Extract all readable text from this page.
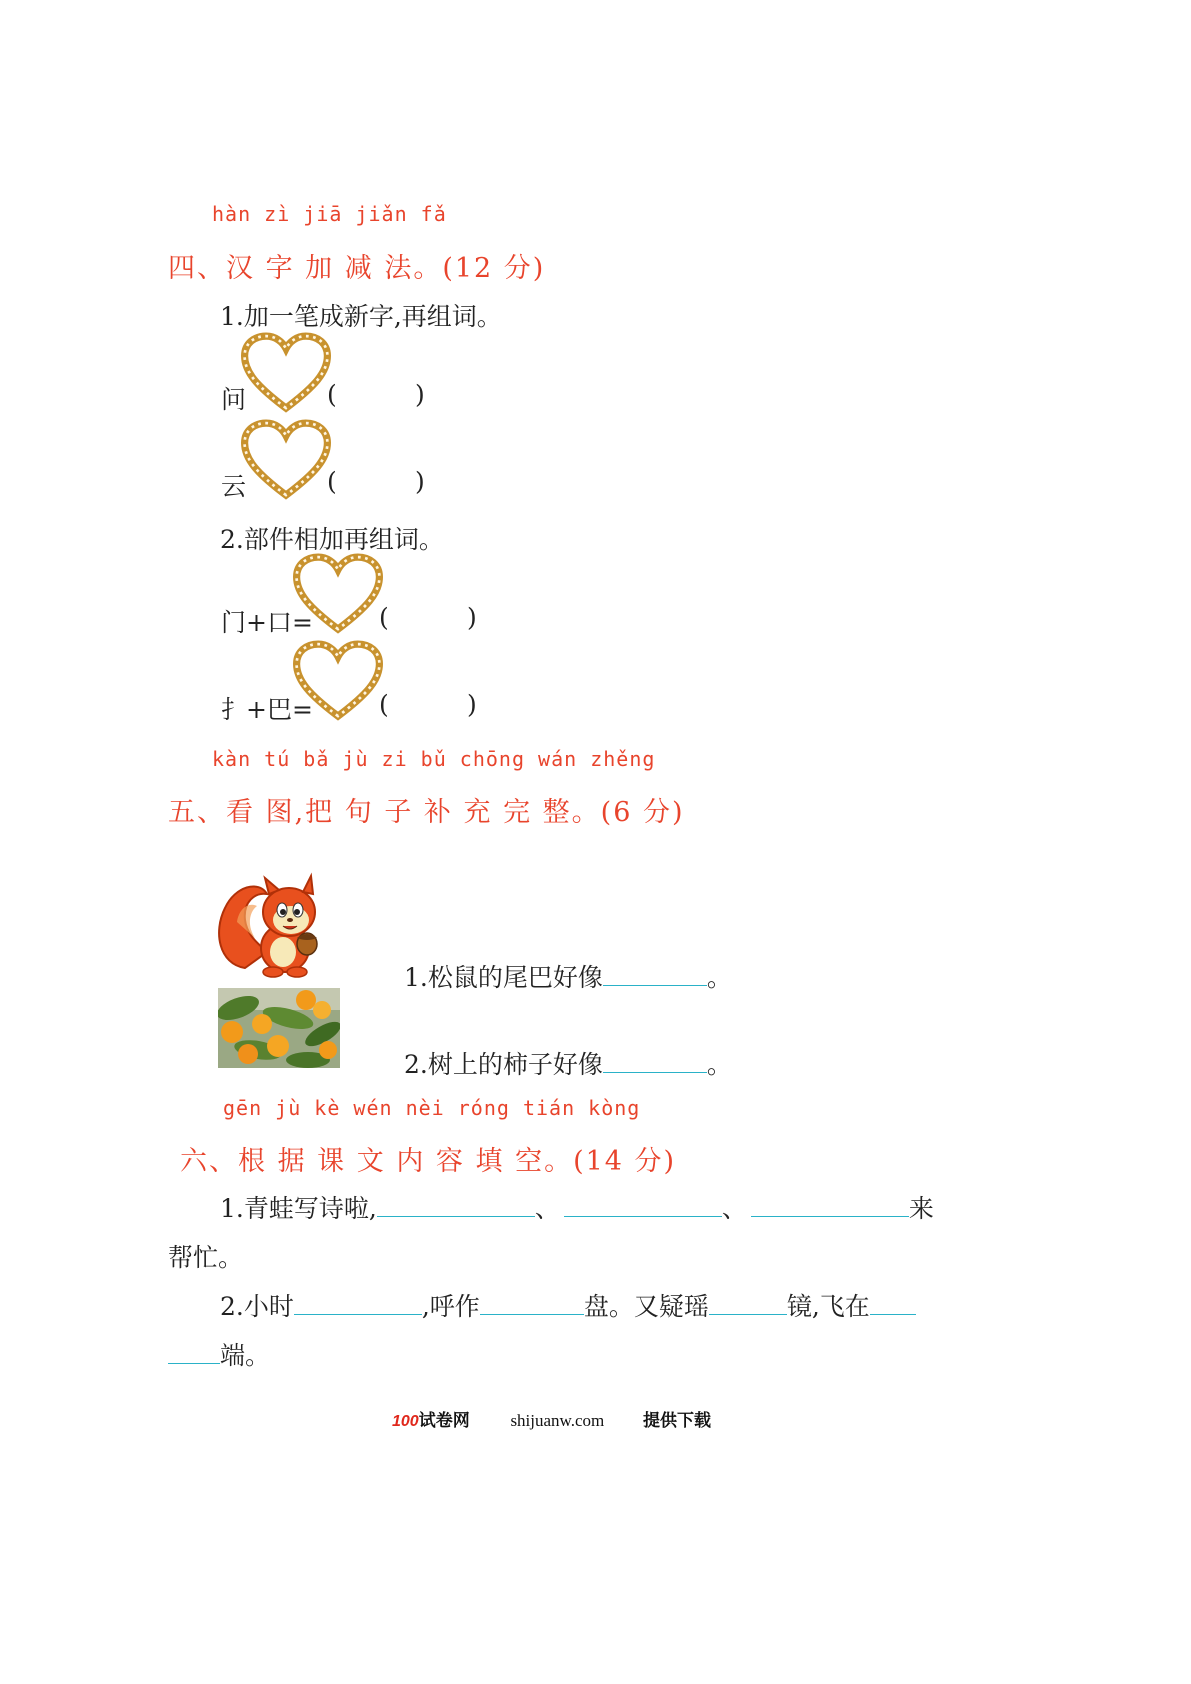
hàn zì jiā jiǎn fǎ
四、汉 字 加 减 法。(12 分)
1.加一笔成新字,再组词。
问	(	)
云	(	)
2.部件相加再组词。
门+口=	(	)
扌+巴=	(	)
kàn tú bǎ jù zi bǔ chōng wán zhěng
五、看 图,把 句 子 补 充 完 整。(6 分)
1.松鼠的尾巴好像	。
2.树上的柿子好像	。
gēn jù kè wén nèi róng tián kòng
六、根 据 课 文 内 容 填 空。(14 分)
1.青蛙写诗啦,	、	、	来
帮忙。
2.小时	,呼作	盘。又疑瑶	镜,飞在
端。
100试卷网 shijuanw.com 提供下载
